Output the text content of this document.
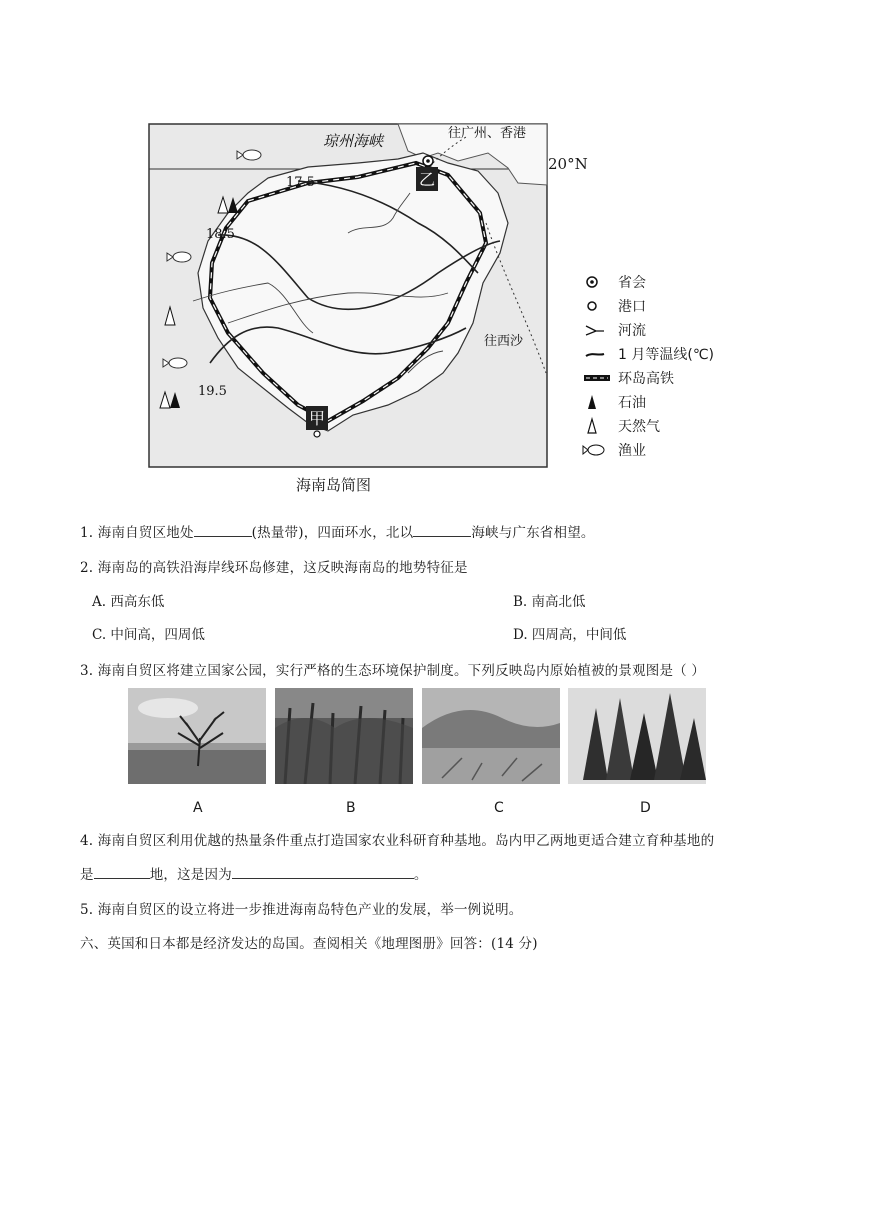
乙
甲
琼州海峡	往广州、香港
往西沙
17.5
18.5
19.5
20°N
省会
港口
河流
1 月等温线(℃)
环岛高铁
石油
天然气
渔业
海南岛简图
1. 海南自贸区地处	(热量带)，四面环水，北以	海峡与广东省相望。
2. 海南岛的高铁沿海岸线环岛修建，这反映海南岛的地势特征是
A. 西高东低	B. 南高北低
C. 中间高，四周低	D. 四周高，中间低
3. 海南自贸区将建立国家公园，实行严格的生态环境保护制度。下列反映岛内原始植被的景观图是（ ）
A	B	C	D
4. 海南自贸区利用优越的热量条件重点打造国家农业科研育种基地。岛内甲乙两地更适合建立育种基地的
是	地，这是因为	。
5. 海南自贸区的设立将进一步推进海南岛特色产业的发展，举一例说明。
六、英国和日本都是经济发达的岛国。查阅相关《地理图册》回答：(14 分)
